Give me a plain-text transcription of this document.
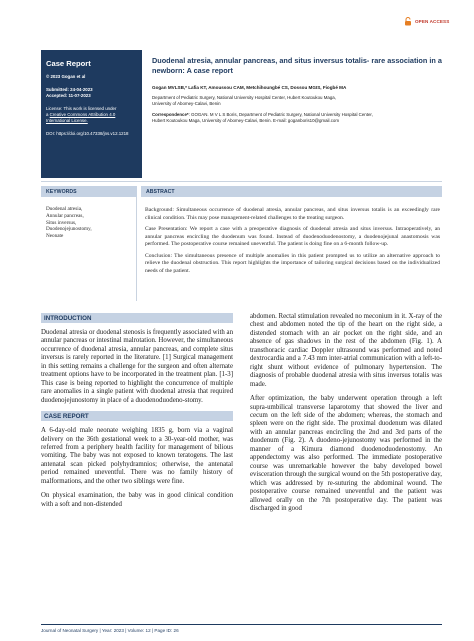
OPEN ACCESS
Case Report
© 2023 Gogan et al
Submitted: 24-04-2023
Accepted: 11-07-2023
License: This work is licensed under
a Creative Commons Attribution 4.0
International License.
DOI: https://doi.org/10.47338/jns.v12.1218
Duodenal atresia, annular pancreas, and situs inversus totalis- rare association in a newborn: A case report
Gogan MVLSB,* Lafia KT, Amoussou CAM, Metchihoungbé CS, Dossou MGIS, Fiogbé MA
Department of Pediatric Surgery, National University Hospital Center, Hubert Koutoukou Maga,
University of Abomey-Calavi, Benin
Correspondence*: GOGAN. M V L S Boris, Department of Pediatric Surgery, National University Hospital Center,
Hubert Koutoukou Maga, University of Abomey-Calavi, Benin. E-mail: goganboris10@gmail.com
KEYWORDS
Duodenal atresia,
Annular pancreas,
Situs inversus,
Duodenojejunostomy,
Neonate
ABSTRACT

Background: Simultaneous occurrence of duodenal atresia, annular pancreas, and situs inversus totalis is an exceedingly rare clinical condition. This may pose management-related challenges to the treating surgeon.

Case Presentation: We report a case with a preoperative diagnosis of duodenal atresia and situs inversus. Intraoperatively, an annular pancreas encircling the duodenum was found. Instead of duodenoduodenostomy, a duodenojejunal anastomosis was performed. The postoperative course remained uneventful. The patient is doing fine on a 6-month follow-up.

Conclusion: The simultaneous presence of multiple anomalies in this patient prompted us to utilize an alternative approach to relieve the duodenal obstruction. This report highlights the importance of tailoring surgical decisions based on the individualized needs of the patient.

INTRODUCTION

Duodenal atresia or duodenal stenosis is frequently associated with an annular pancreas or intestinal malrotation. However, the simultaneous occurrence of duodenal atresia, annular pancreas, and complete situs inversus is rarely reported in the literature. [1] Surgical management in this setting remains a challenge for the surgeon and often alternate treatment options have to be incorporated in the treatment plan. [1-3] This case is being reported to highlight the concurrence of multiple rare anomalies in a single patient with duodenal atresia that required duodenojejunostomy in place of a duodenoduodeno-stomy.

CASE REPORT

A 6-day-old male neonate weighing 1835 g, born via a vaginal delivery on the 36th gestational week to a 30-year-old mother, was referred from a periphery health facility for management of bilious vomiting. The baby was not exposed to known teratogens. The last antenatal scan picked polyhydramnios; otherwise, the antenatal period remained uneventful. There was no family history of malformations, and the other two siblings were fine.

On physical examination, the baby was in good clinical condition with a soft and non-distended

abdomen. Rectal stimulation revealed no meconium in it. X-ray of the chest and abdomen noted the tip of the heart on the right side, a distended stomach with an air pocket on the right side, and an absence of gas shadows in the rest of the abdomen (Fig. 1). A transthoracic cardiac Doppler ultrasound was performed and noted dextrocardia and a 7.43 mm inter-atrial communication with a left-to-right shunt without evidence of pulmonary hypertension. The diagnosis of probable duodenal atresia with situs inversus totalis was made.

After optimization, the baby underwent operation through a left supra-umbilical transverse laparotomy that showed the liver and cecum on the left side of the abdomen; whereas, the stomach and spleen were on the right side. The proximal duodenum was dilated with an annular pancreas encircling the 2nd and 3rd parts of the duodenum (Fig. 2). A duodeno-jejunostomy was performed in the manner of a Kimura diamond duodenoduodenostomy. An appendectomy was also performed. The immediate postoperative course was unremarkable however the baby developed bowel evisceration through the surgical wound on the 5th postoperative day, which was addressed by re-suturing the abdominal wound. The postoperative course remained uneventful and the patient was allowed orally on the 7th postoperative day. The patient was discharged in good

Journal of Neonatal Surgery | Year: 2023 | Volume: 12 | Page ID: 26
